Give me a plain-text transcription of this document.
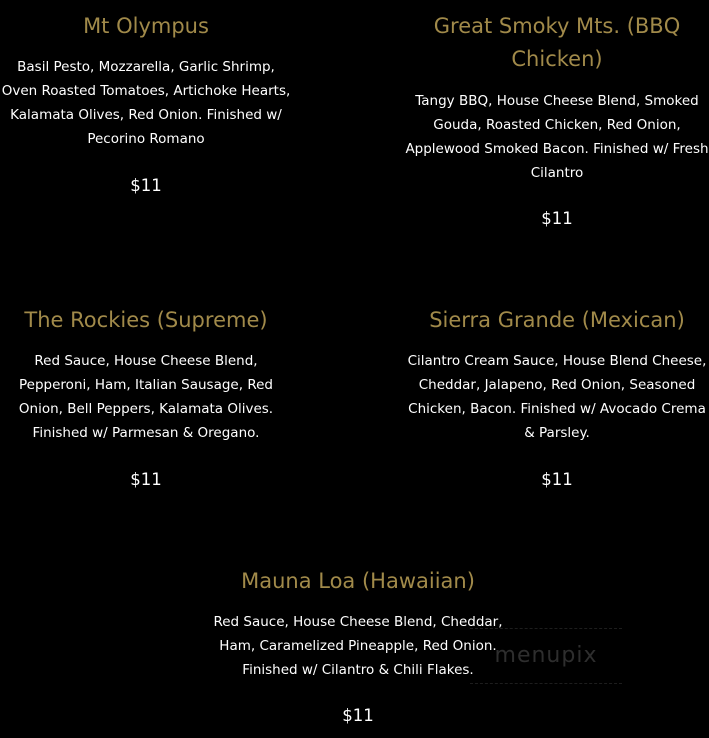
Mt Olympus

Basil Pesto, Mozzarella, Garlic Shrimp, Oven Roasted Tomatoes, Artichoke Hearts, Kalamata Olives, Red Onion. Finished w/ Pecorino Romano

$11
Great Smoky Mts. (BBQ Chicken)

Tangy BBQ, House Cheese Blend, Smoked Gouda, Roasted Chicken, Red Onion, Applewood Smoked Bacon. Finished w/ Fresh Cilantro

$11
The Rockies (Supreme)

Red Sauce, House Cheese Blend, Pepperoni, Ham, Italian Sausage, Red Onion, Bell Peppers, Kalamata Olives. Finished w/ Parmesan & Oregano.

$11
Sierra Grande (Mexican)

Cilantro Cream Sauce, House Blend Cheese, Cheddar, Jalapeno, Red Onion, Seasoned Chicken, Bacon. Finished w/ Avocado Crema & Parsley.

$11
Mauna Loa (Hawaiian)

Red Sauce, House Cheese Blend, Cheddar, Ham, Caramelized Pineapple, Red Onion. Finished w/ Cilantro & Chili Flakes.

$11
menupix
